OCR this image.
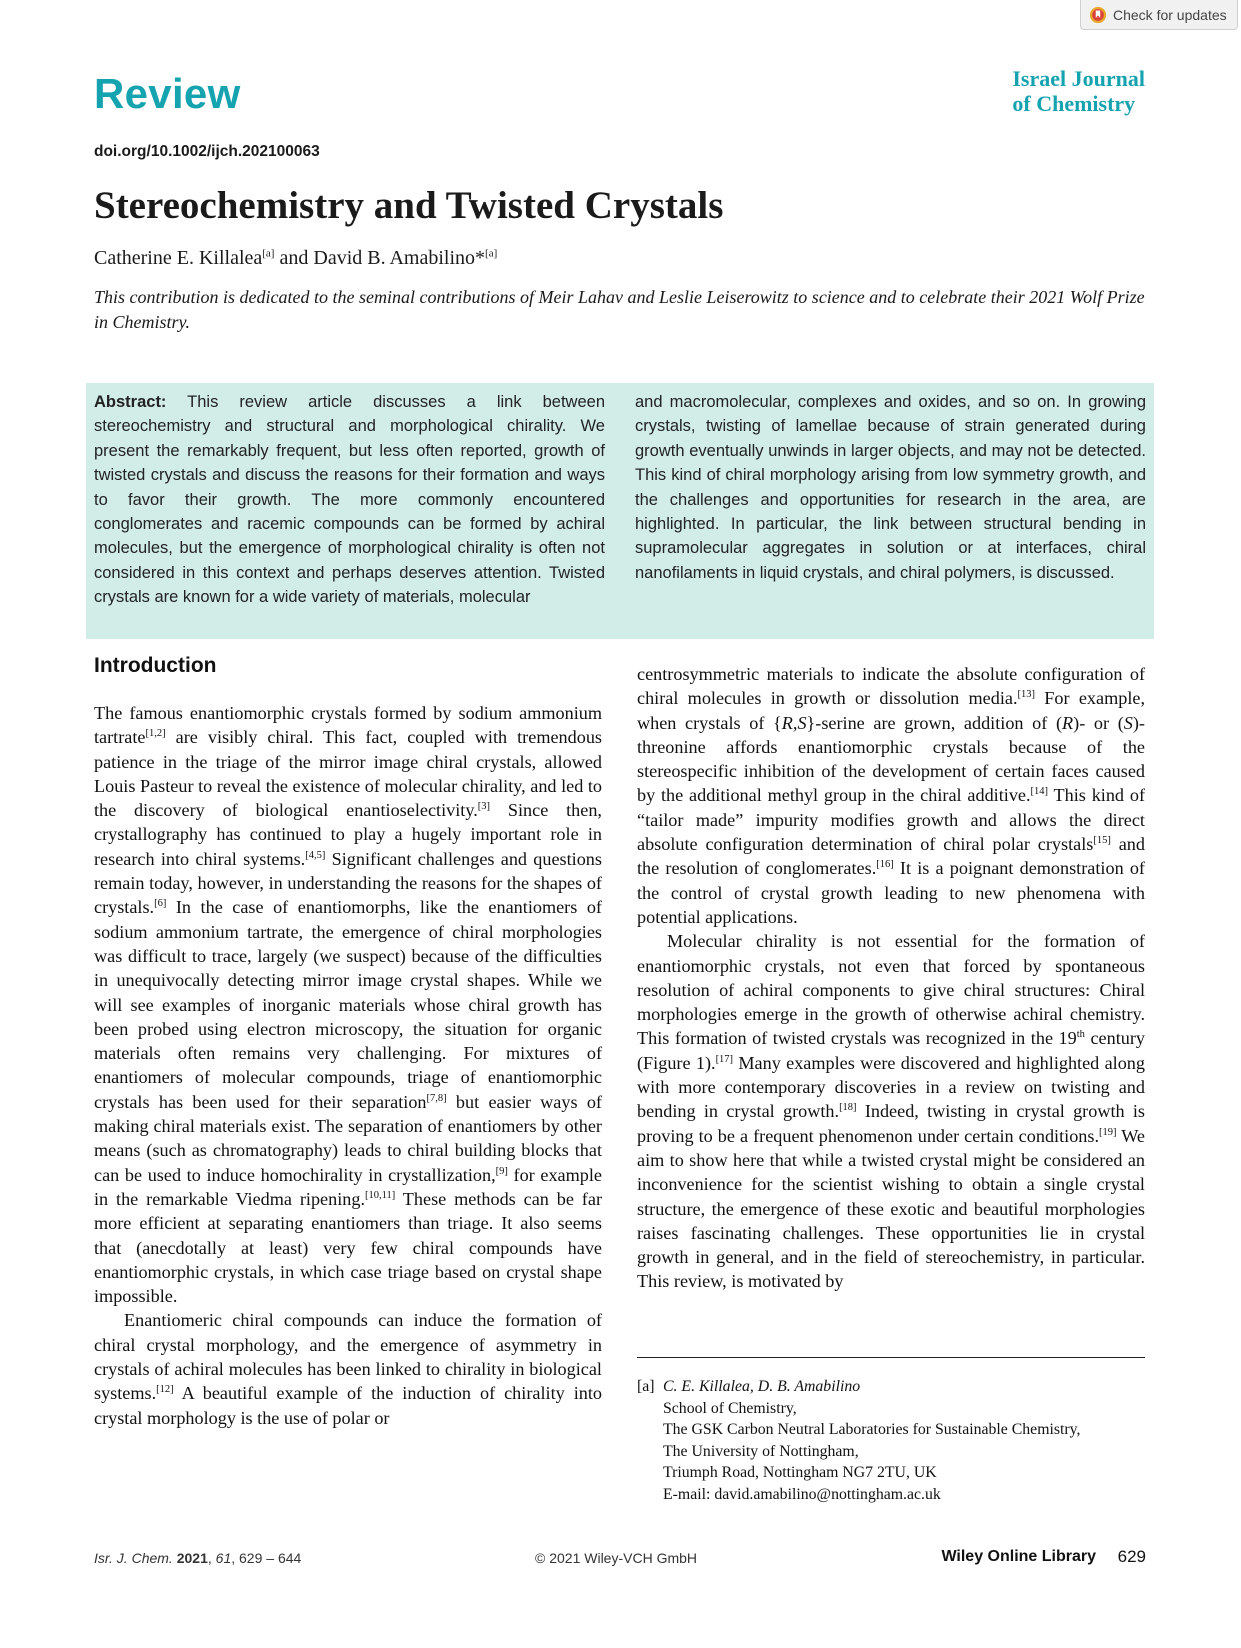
Check for updates
Review	Israel Journal
of Chemistry
doi.org/10.1002/ijch.202100063
Stereochemistry and Twisted Crystals
Catherine E. Killalea[a] and David B. Amabilino*[a]

This contribution is dedicated to the seminal contributions of Meir Lahav and Leslie Leiserowitz to science and to celebrate their 2021 Wolf Prize in Chemistry.

Abstract: This review article discusses a link between stereochemistry and structural and morphological chirality. We present the remarkably frequent, but less often reported, growth of twisted crystals and discuss the reasons for their formation and ways to favor their growth. The more commonly encountered conglomerates and racemic compounds can be formed by achiral molecules, but the emergence of morphological chirality is often not considered in this context and perhaps deserves attention. Twisted crystals are known for a wide variety of materials, molecular

and macromolecular, complexes and oxides, and so on. In growing crystals, twisting of lamellae because of strain generated during growth eventually unwinds in larger objects, and may not be detected. This kind of chiral morphology arising from low symmetry growth, and the challenges and opportunities for research in the area, are highlighted. In particular, the link between structural bending in supramolecular aggregates in solution or at interfaces, chiral nanofilaments in liquid crystals, and chiral polymers, is discussed.

Introduction

The famous enantiomorphic crystals formed by sodium ammonium tartrate[1,2] are visibly chiral. This fact, coupled with tremendous patience in the triage of the mirror image chiral crystals, allowed Louis Pasteur to reveal the existence of molecular chirality, and led to the discovery of biological enantioselectivity.[3] Since then, crystallography has continued to play a hugely important role in research into chiral systems.[4,5] Significant challenges and questions remain today, however, in understanding the reasons for the shapes of crystals.[6] In the case of enantiomorphs, like the enantiomers of sodium ammonium tartrate, the emergence of chiral morphologies was difficult to trace, largely (we suspect) because of the difficulties in unequivocally detecting mirror image crystal shapes. While we will see examples of inorganic materials whose chiral growth has been probed using electron microscopy, the situation for organic materials often remains very challenging. For mixtures of enantiomers of molecular compounds, triage of enantiomorphic crystals has been used for their separation[7,8] but easier ways of making chiral materials exist. The separation of enantiomers by other means (such as chromatography) leads to chiral building blocks that can be used to induce homochirality in crystallization,[9] for example in the remarkable Viedma ripening.[10,11] These methods can be far more efficient at separating enantiomers than triage. It also seems that (anecdotally at least) very few chiral compounds have enantiomorphic crystals, in which case triage based on crystal shape impossible.

Enantiomeric chiral compounds can induce the formation of chiral crystal morphology, and the emergence of asymmetry in crystals of achiral molecules has been linked to chirality in biological systems.[12] A beautiful example of the induction of chirality into crystal morphology is the use of polar or

centrosymmetric materials to indicate the absolute configuration of chiral molecules in growth or dissolution media.[13] For example, when crystals of {R,S}-serine are grown, addition of (R)- or (S)-threonine affords enantiomorphic crystals because of the stereospecific inhibition of the development of certain faces caused by the additional methyl group in the chiral additive.[14] This kind of “tailor made” impurity modifies growth and allows the direct absolute configuration determination of chiral polar crystals[15] and the resolution of conglomerates.[16] It is a poignant demonstration of the control of crystal growth leading to new phenomena with potential applications.

Molecular chirality is not essential for the formation of enantiomorphic crystals, not even that forced by spontaneous resolution of achiral components to give chiral structures: Chiral morphologies emerge in the growth of otherwise achiral chemistry. This formation of twisted crystals was recognized in the 19th century (Figure 1).[17] Many examples were discovered and highlighted along with more contemporary discoveries in a review on twisting and bending in crystal growth.[18] Indeed, twisting in crystal growth is proving to be a frequent phenomenon under certain conditions.[19] We aim to show here that while a twisted crystal might be considered an inconvenience for the scientist wishing to obtain a single crystal structure, the emergence of these exotic and beautiful morphologies raises fascinating challenges. These opportunities lie in crystal growth in general, and in the field of stereochemistry, in particular. This review, is motivated by

[a] C. E. Killalea, D. B. Amabilino
School of Chemistry,
The GSK Carbon Neutral Laboratories for Sustainable Chemistry,
The University of Nottingham,
Triumph Road, Nottingham NG7 2TU, UK
E-mail: david.amabilino@nottingham.ac.uk
Isr. J. Chem. 2021, 61, 629 – 644	© 2021 Wiley-VCH GmbH	Wiley Online Library 629
